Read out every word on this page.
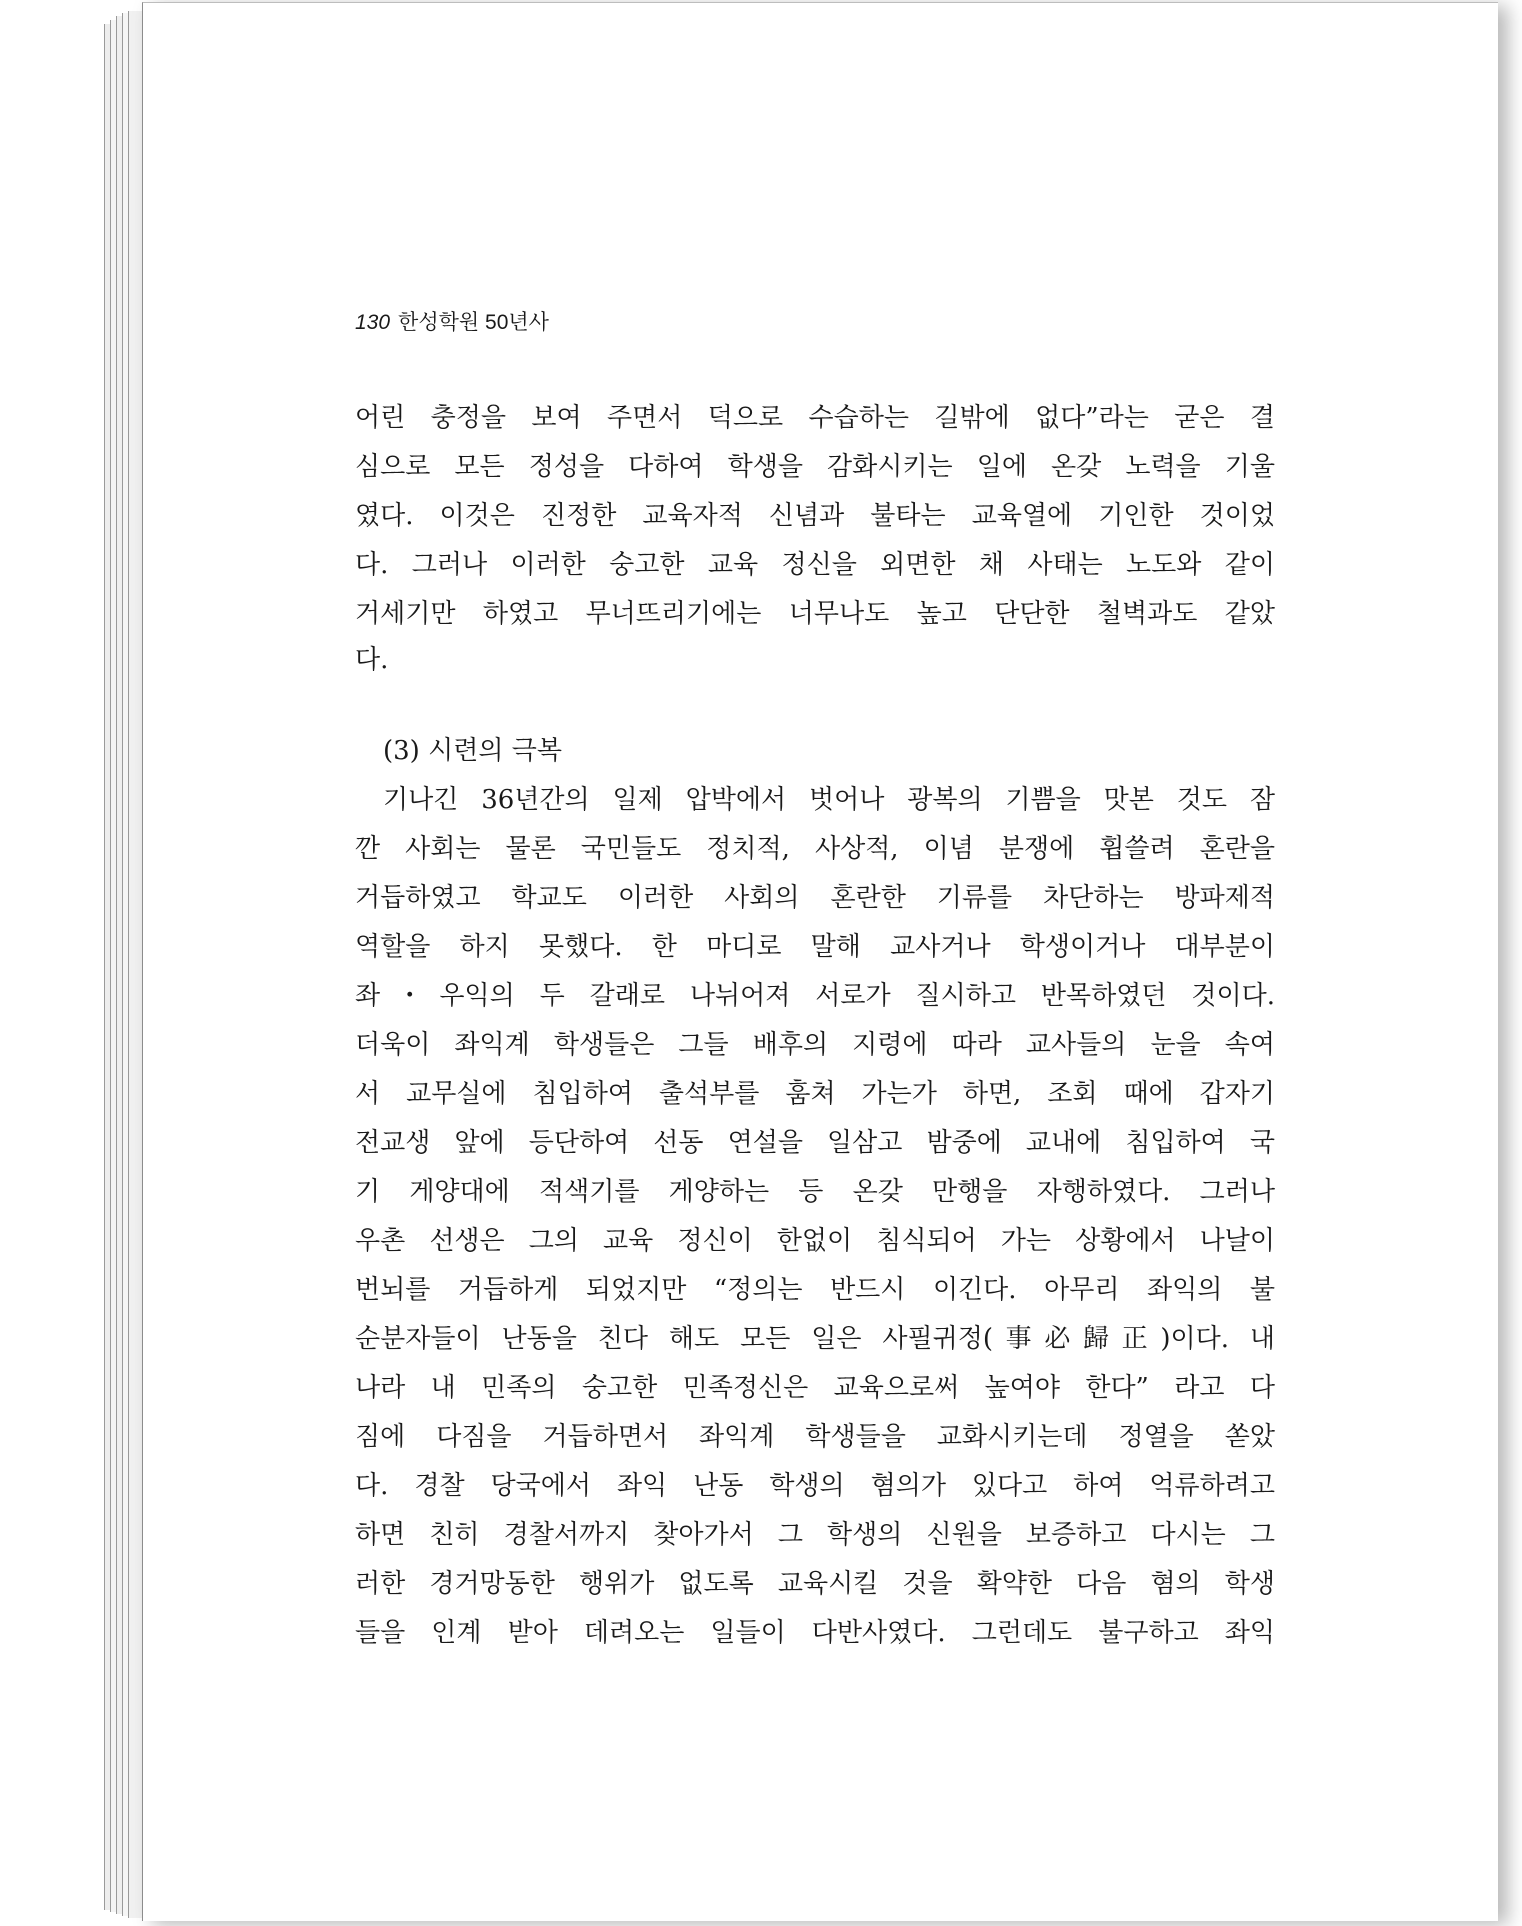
130 한성학원 50년사
어린 충정을 보여 주면서 덕으로 수습하는 길밖에 없다”라는 굳은 결
심으로 모든 정성을 다하여 학생을 감화시키는 일에 온갖 노력을 기울
였다. 이것은 진정한 교육자적 신념과 불타는 교육열에 기인한 것이었
다. 그러나 이러한 숭고한 교육 정신을 외면한 채 사태는 노도와 같이
거세기만 하였고 무너뜨리기에는 너무나도 높고 단단한 철벽과도 같았
다.
(3) 시련의 극복
기나긴 36년간의 일제 압박에서 벗어나 광복의 기쁨을 맛본 것도 잠
깐 사회는 물론 국민들도 정치적, 사상적, 이념 분쟁에 휩쓸려 혼란을
거듭하였고 학교도 이러한 사회의 혼란한 기류를 차단하는 방파제적
역할을 하지 못했다. 한 마디로 말해 교사거나 학생이거나 대부분이
좌・우익의 두 갈래로 나뉘어져 서로가 질시하고 반목하였던 것이다.
더욱이 좌익계 학생들은 그들 배후의 지령에 따라 교사들의 눈을 속여
서 교무실에 침입하여 출석부를 훔쳐 가는가 하면, 조회 때에 갑자기
전교생 앞에 등단하여 선동 연설을 일삼고 밤중에 교내에 침입하여 국
기 게양대에 적색기를 게양하는 등 온갖 만행을 자행하였다. 그러나
우촌 선생은 그의 교육 정신이 한없이 침식되어 가는 상황에서 나날이
번뇌를 거듭하게 되었지만 “정의는 반드시 이긴다. 아무리 좌익의 불
순분자들이 난동을 친다 해도 모든 일은 사필귀정(事必歸正)이다. 내
나라 내 민족의 숭고한 민족정신은 교육으로써 높여야 한다” 라고 다
짐에 다짐을 거듭하면서 좌익계 학생들을 교화시키는데 정열을 쏟았
다. 경찰 당국에서 좌익 난동 학생의 혐의가 있다고 하여 억류하려고
하면 친히 경찰서까지 찾아가서 그 학생의 신원을 보증하고 다시는 그
러한 경거망동한 행위가 없도록 교육시킬 것을 확약한 다음 혐의 학생
들을 인계 받아 데려오는 일들이 다반사였다. 그런데도 불구하고 좌익
